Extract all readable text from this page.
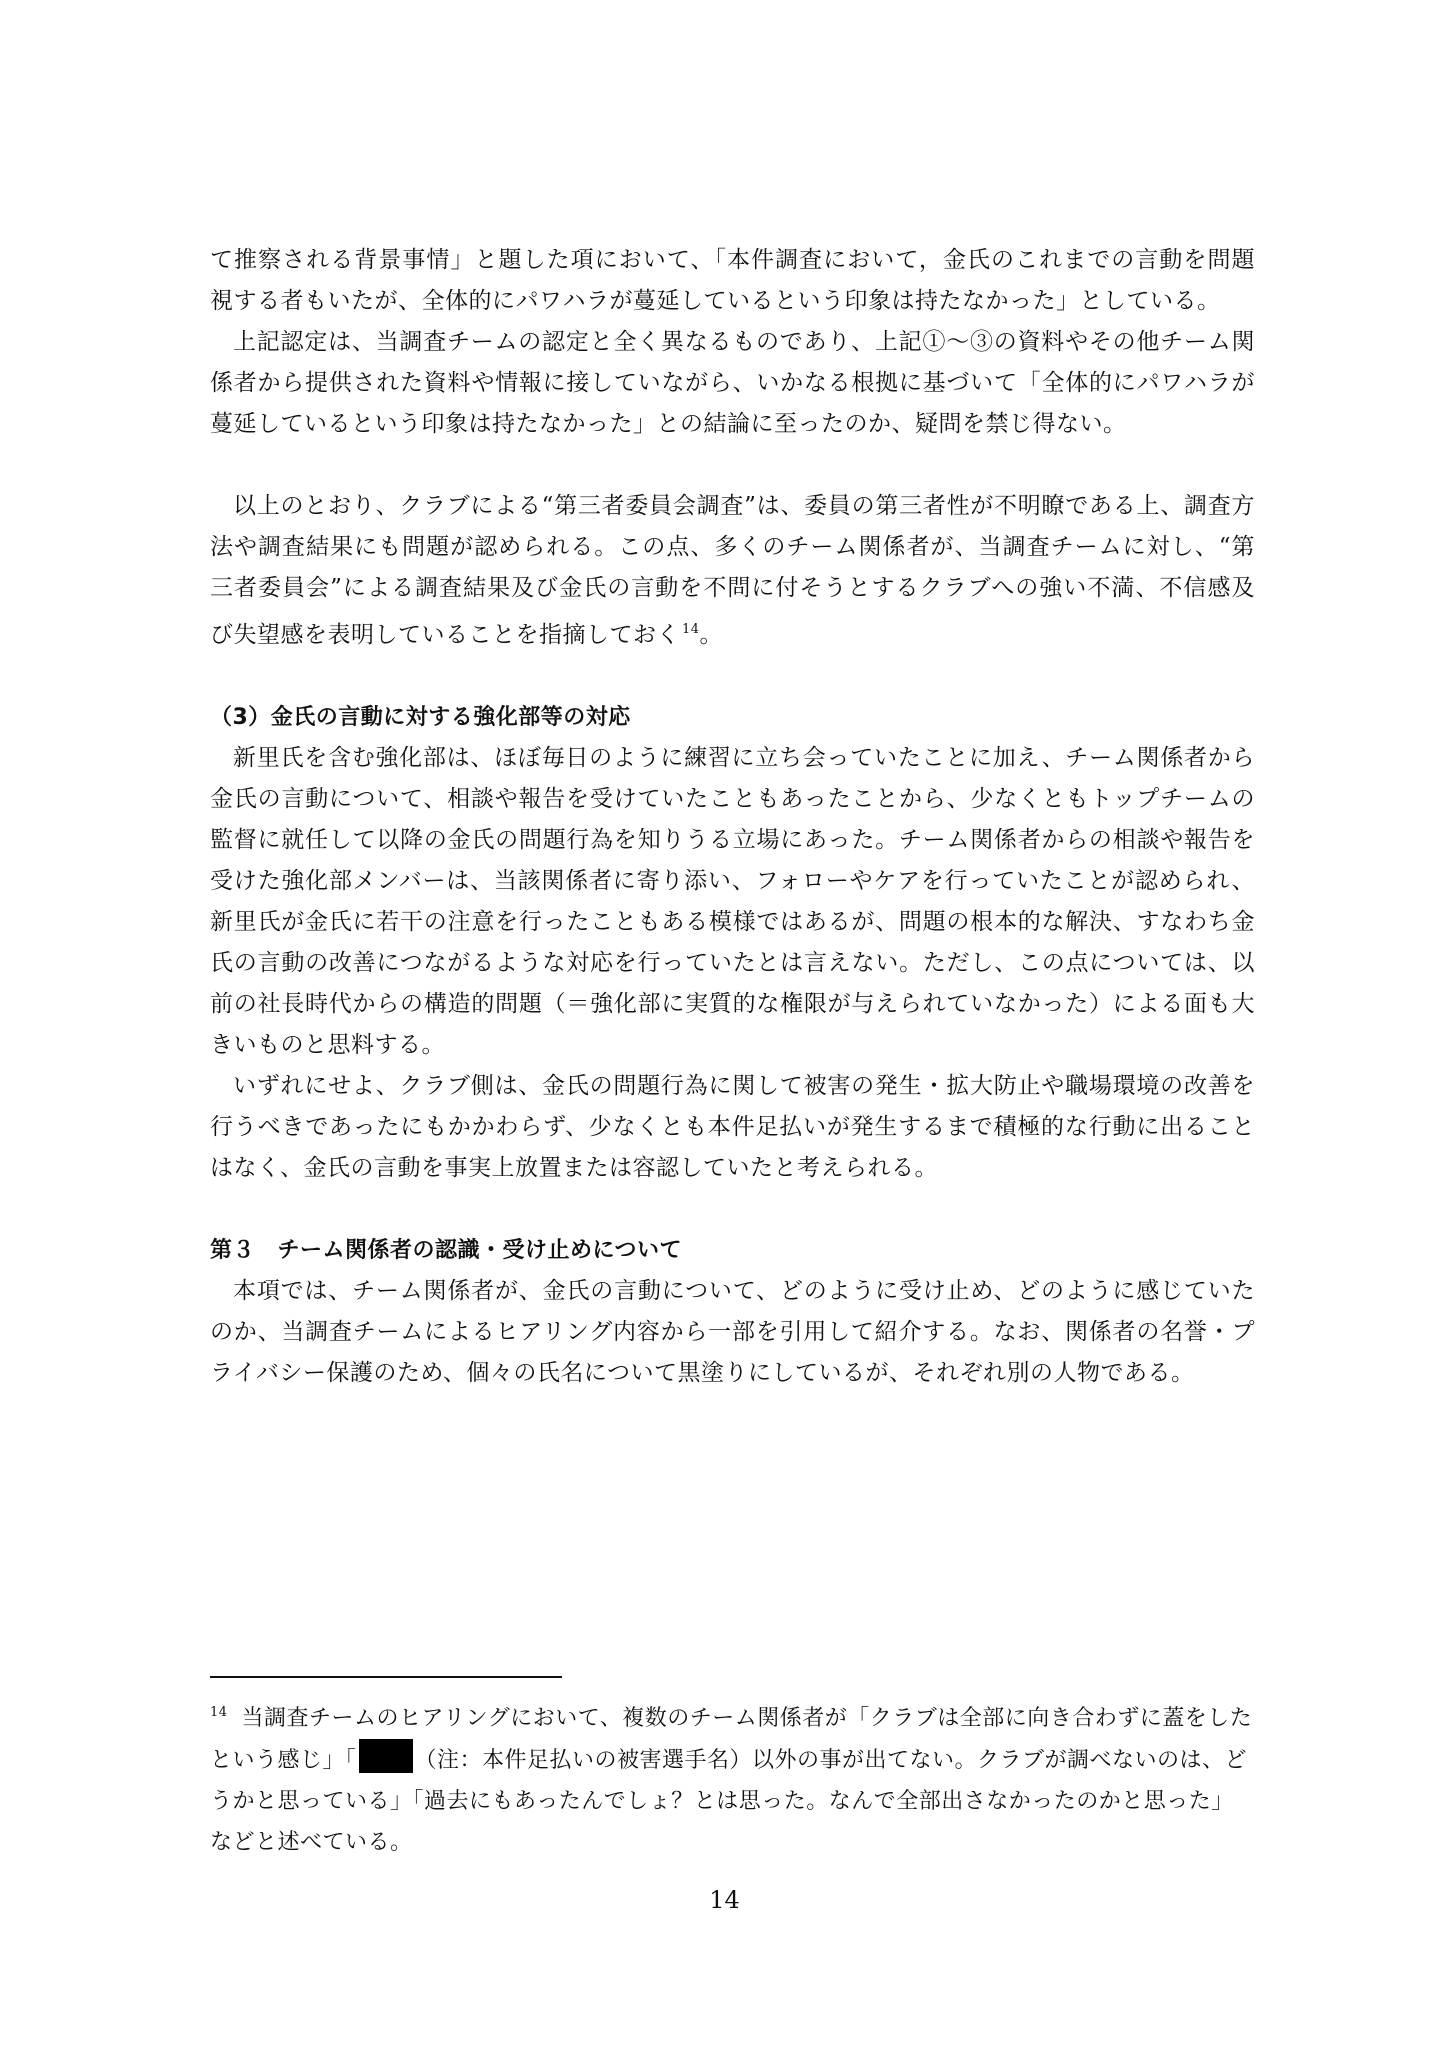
て推察される背景事情」と題した項において、「本件調査において，金氏のこれまでの言動を問題視する者もいたが、全体的にパワハラが蔓延しているという印象は持たなかった」としている。

上記認定は、当調査チームの認定と全く異なるものであり、上記①～③の資料やその他チーム関係者から提供された資料や情報に接していながら、いかなる根拠に基づいて「全体的にパワハラが蔓延しているという印象は持たなかった」との結論に至ったのか、疑問を禁じ得ない。

以上のとおり、クラブによる“第三者委員会調査”は、委員の第三者性が不明瞭である上、調査方法や調査結果にも問題が認められる。この点、多くのチーム関係者が、当調査チームに対し、“第三者委員会”による調査結果及び金氏の言動を不問に付そうとするクラブへの強い不満、不信感及び失望感を表明していることを指摘しておく $^{14}$。

（3）金氏の言動に対する強化部等の対応

新里氏を含む強化部は、ほぼ毎日のように練習に立ち会っていたことに加え、チーム関係者から金氏の言動について、相談や報告を受けていたこともあったことから、少なくともトップチームの監督に就任して以降の金氏の問題行為を知りうる立場にあった。チーム関係者からの相談や報告を受けた強化部メンバーは、当該関係者に寄り添い、フォローやケアを行っていたことが認められ、新里氏が金氏に若干の注意を行ったこともある模様ではあるが、問題の根本的な解決、すなわち金氏の言動の改善につながるような対応を行っていたとは言えない。ただし、この点については、以前の社長時代からの構造的問題（＝強化部に実質的な権限が与えられていなかった）による面も大きいものと思料する。

いずれにせよ、クラブ側は、金氏の問題行為に関して被害の発生・拡大防止や職場環境の改善を行うべきであったにもかかわらず、少なくとも本件足払いが発生するまで積極的な行動に出ることはなく、金氏の言動を事実上放置または容認していたと考えられる。

第３　チーム関係者の認識・受け止めについて

本項では、チーム関係者が、金氏の言動について、どのように受け止め、どのように感じていたのか、当調査チームによるヒアリング内容から一部を引用して紹介する。なお、関係者の名誉・プライバシー保護のため、個々の氏名について黒塗りにしているが、それぞれ別の人物である。

$^{14}$ 当調査チームのヒアリングにおいて、複数のチーム関係者が「クラブは全部に向き合わずに蓋をしたという感じ」「	（注：本件足払いの被害選手名）以外の事が出てない。クラブが調べないのは、どうかと思っている」「過去にもあったんでしょ？とは思った。なんで全部出さなかったのかと思った」などと述べている。
14
